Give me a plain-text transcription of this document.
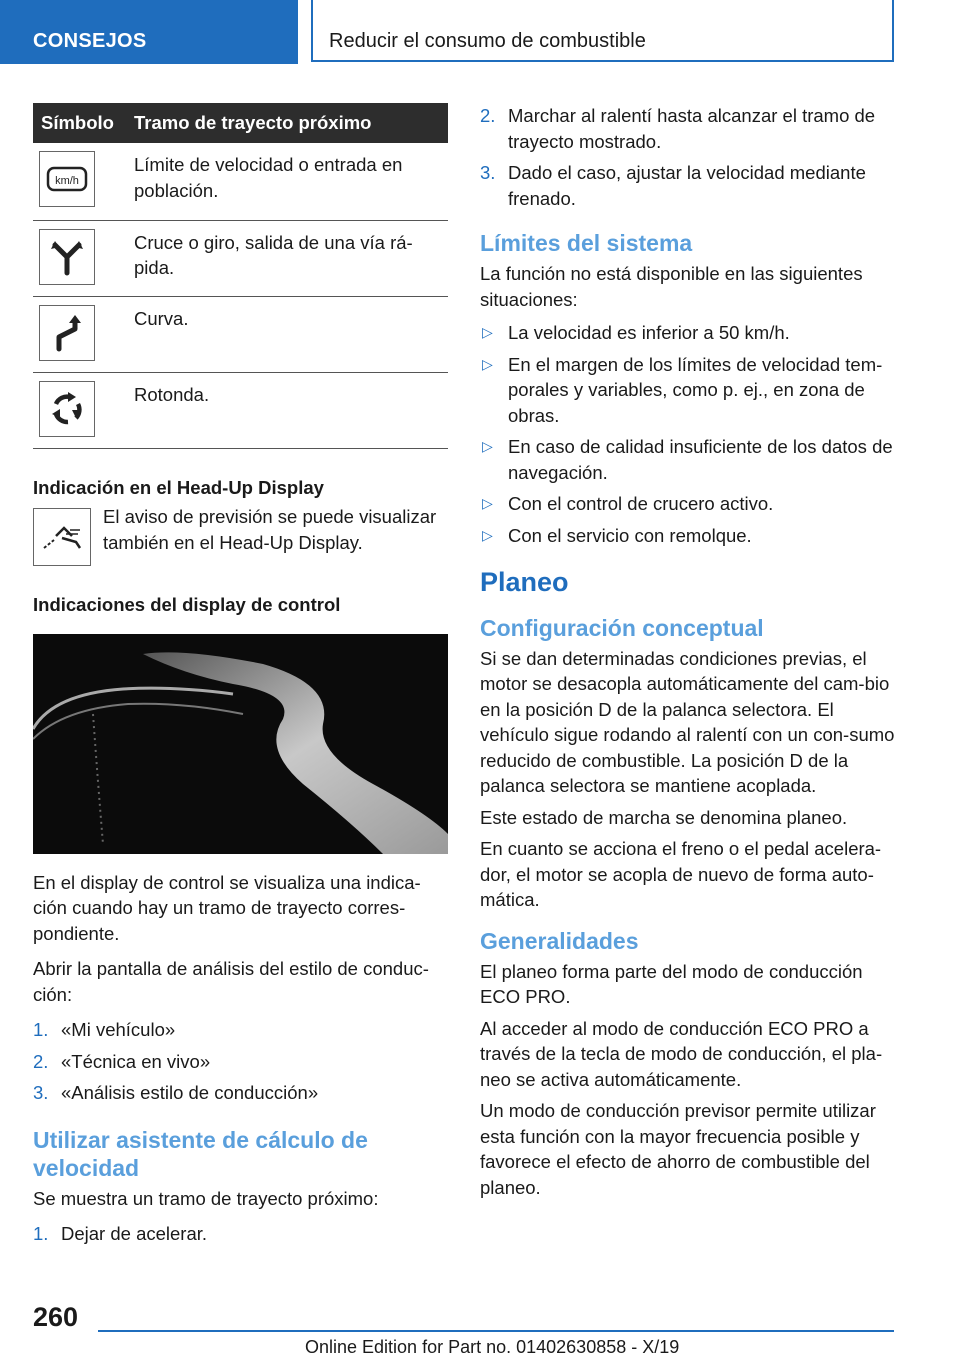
CONSEJOS	Reducir el consumo de combustible
Símbolo	Tramo de trayecto próximo

km/h	Límite de velocidad o entrada en población.

	Cruce o giro, salida de una vía rá-pida.

	Curva.

	Rotonda.
Indicación en el Head-Up Display

El aviso de previsión se puede visualizar también en el Head-Up Display.

Indicaciones del display de control

En el display de control se visualiza una indica-ción cuando hay un tramo de trayecto corres-pondiente.

Abrir la pantalla de análisis del estilo de conduc-ción:

1. «Mi vehículo»
2. «Técnica en vivo»
3. «Análisis estilo de conducción»
Utilizar asistente de cálculo de velocidad

Se muestra un tramo de trayecto próximo:

1. Dejar de acelerar.
2. Marchar al ralentí hasta alcanzar el tramo de trayecto mostrado.
3. Dado el caso, ajustar la velocidad mediante frenado.
Límites del sistema

La función no está disponible en las siguientes situaciones:

▷ La velocidad es inferior a 50 km/h.
▷ En el margen de los límites de velocidad tem-porales y variables, como p. ej., en zona de obras.
▷ En caso de calidad insuficiente de los datos de navegación.
▷ Con el control de crucero activo.
▷ Con el servicio con remolque.
Planeo
Configuración conceptual

Si se dan determinadas condiciones previas, el motor se desacopla automáticamente del cam-bio en la posición D de la palanca selectora. El vehículo sigue rodando al ralentí con un con-sumo reducido de combustible. La posición D de la palanca selectora se mantiene acoplada.

Este estado de marcha se denomina planeo.

En cuanto se acciona el freno o el pedal acelera-dor, el motor se acopla de nuevo de forma auto-mática.

Generalidades

El planeo forma parte del modo de conducción ECO PRO.

Al acceder al modo de conducción ECO PRO a través de la tecla de modo de conducción, el pla-neo se activa automáticamente.

Un modo de conducción previsor permite utilizar esta función con la mayor frecuencia posible y favorece el efecto de ahorro de combustible del planeo.

260
Online Edition for Part no. 01402630858 - X/19
